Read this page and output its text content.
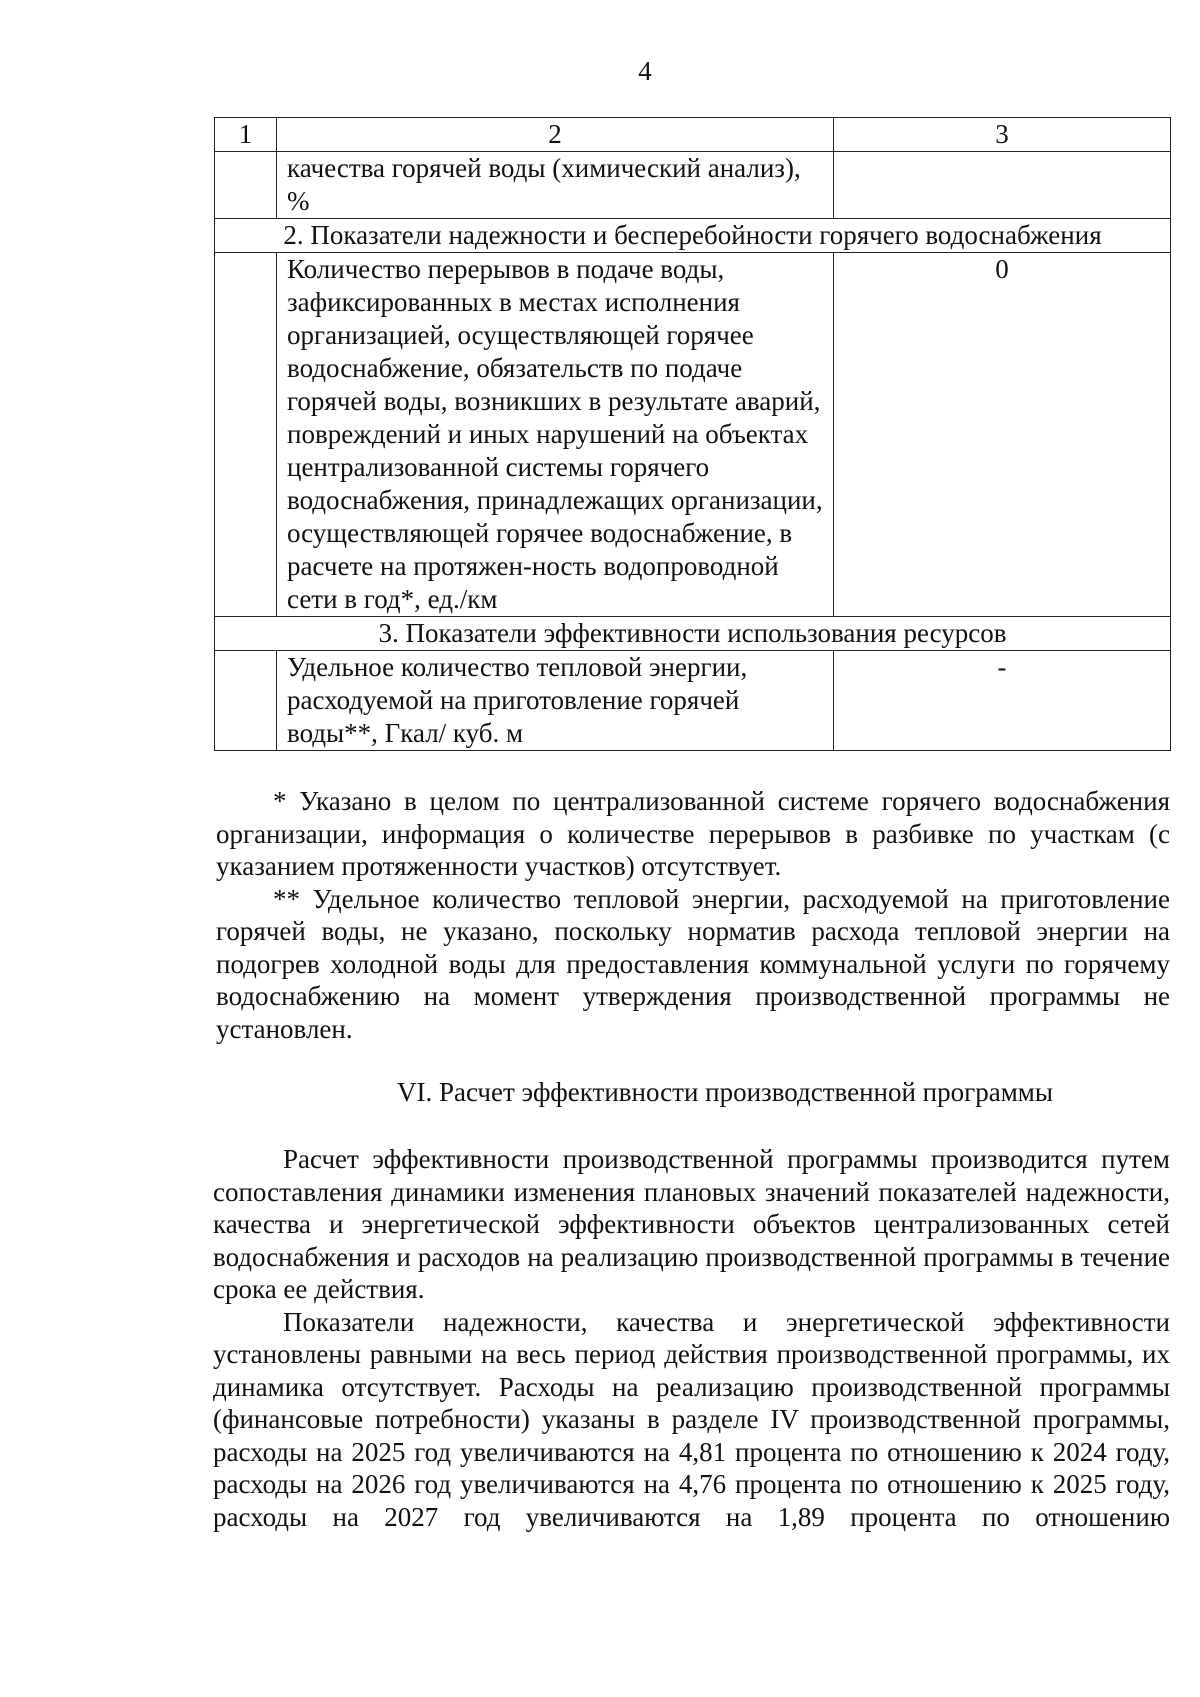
4
1	2	3
	качества горячей воды (химический анализ), %	
2. Показатели надежности и бесперебойности горячего водоснабжения		
	Количество перерывов в подаче воды, зафиксированных в местах исполнения организацией, осуществляющей горячее водоснабжение, обязательств по подаче горячей воды, возникших в результате аварий, повреждений и иных нарушений на объектах централизованной системы горячего водоснабжения, принадлежащих организации, осуществляющей горячее водоснабжение, в расчете на протяжен-ность водопроводной сети в год*, ед./км	0
3. Показатели эффективности использования ресурсов		
	Удельное количество тепловой энергии, расходуемой на приготовление горячей воды**, Гкал/ куб. м	-

* Указано в целом по централизованной системе горячего водоснабжения организации, информация о количестве перерывов в разбивке по участкам (с указанием протяженности участков) отсутствует.

** Удельное количество тепловой энергии, расходуемой на приготовление горячей воды, не указано, поскольку норматив расхода тепловой энергии на подогрев холодной воды для предоставления коммунальной услуги по горячему водоснабжению на момент утверждения производственной программы не установлен.

VI. Расчет эффективности производственной программы

Расчет эффективности производственной программы производится путем сопоставления динамики изменения плановых значений показателей надежности, качества и энергетической эффективности объектов централизованных сетей водоснабжения и расходов на реализацию производственной программы в течение срока ее действия.

Показатели надежности, качества и энергетической эффективности установлены равными на весь период действия производственной программы, их динамика отсутствует. Расходы на реализацию производственной программы (финансовые потребности) указаны в разделе IV производственной программы, расходы на 2025 год увеличиваются на 4,81 процента по отношению к 2024 году, расходы на 2026 год увеличиваются на 4,76 процента по отношению к 2025 году, расходы на 2027 год увеличиваются на 1,89 процента по отношению
